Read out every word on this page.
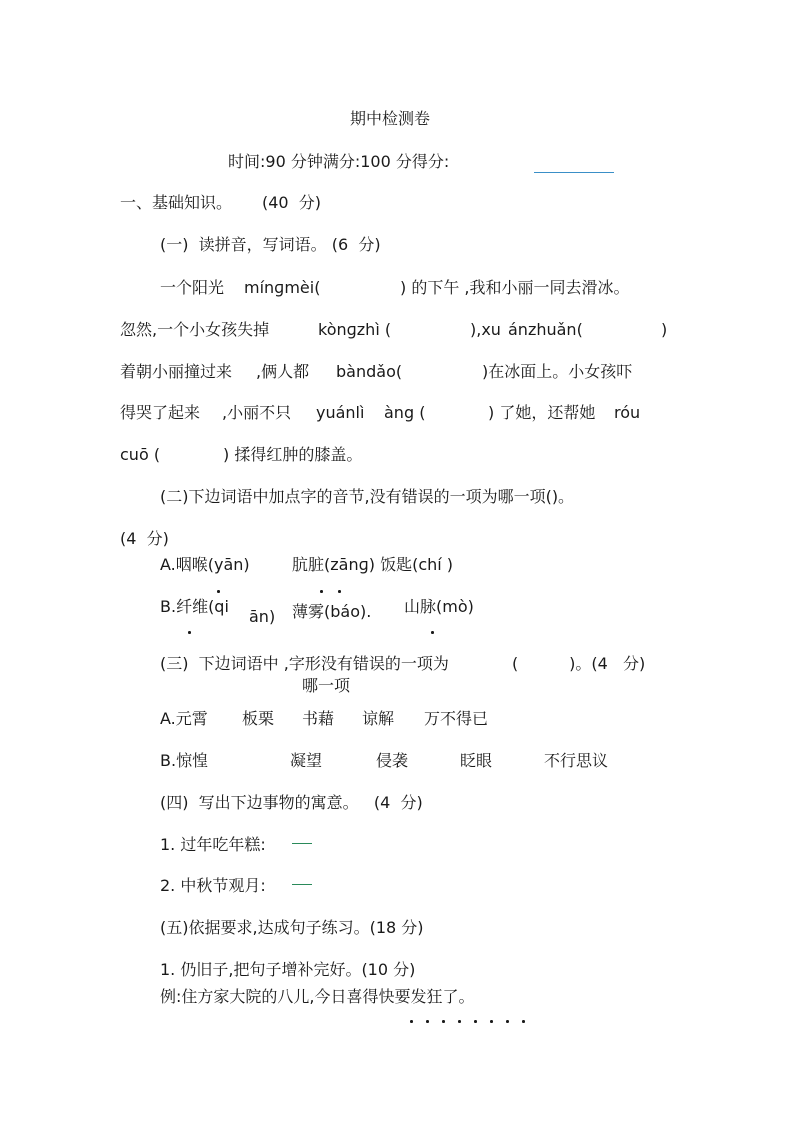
期中检测卷
时间:90 分钟满分:100 分得分:
一、基础知识。 (40  分)
(一)  读拼音，写词语。 (6  分)
一个阳光 mínɡmèi(	) 的下午 ,我和小丽一同去滑冰。
忽然,一个小女孩失掉	kònɡzhì (	),xu ánzhuǎn(	)
着朝小丽撞过来 ,俩人都 bàndǎo(	)在冰面上。小女孩吓
得哭了起来 ,小丽不只 yuánlì àng (	) 了她，还帮她 róu
cuō (	) 揉得红肿的膝盖。
(二)下边词语中加点字的音节,没有错误的一项为哪一项()。
(4  分)
A.咽喉(yān)	肮脏(zānɡ) 饭匙(chí )
B.纤维(qi
ān) 薄雾(báo). 山脉(mò)
(三)  下边词语中 ,字形没有错误的一项为	(          )。(4   分)
哪一项
A.元霄 板栗 书藉 谅解 万不得已
B.惊惶	凝望	侵袭	眨眼	不行思议
(四)  写出下边事物的寓意。   (4  分)
1. 过年吃年糕:
2. 中秋节观月:
(五)依据要求,达成句子练习。(18 分)
1. 仍旧子,把句子增补完好。(10 分)
例:住方家大院的八儿,今日喜得快要发狂了。
